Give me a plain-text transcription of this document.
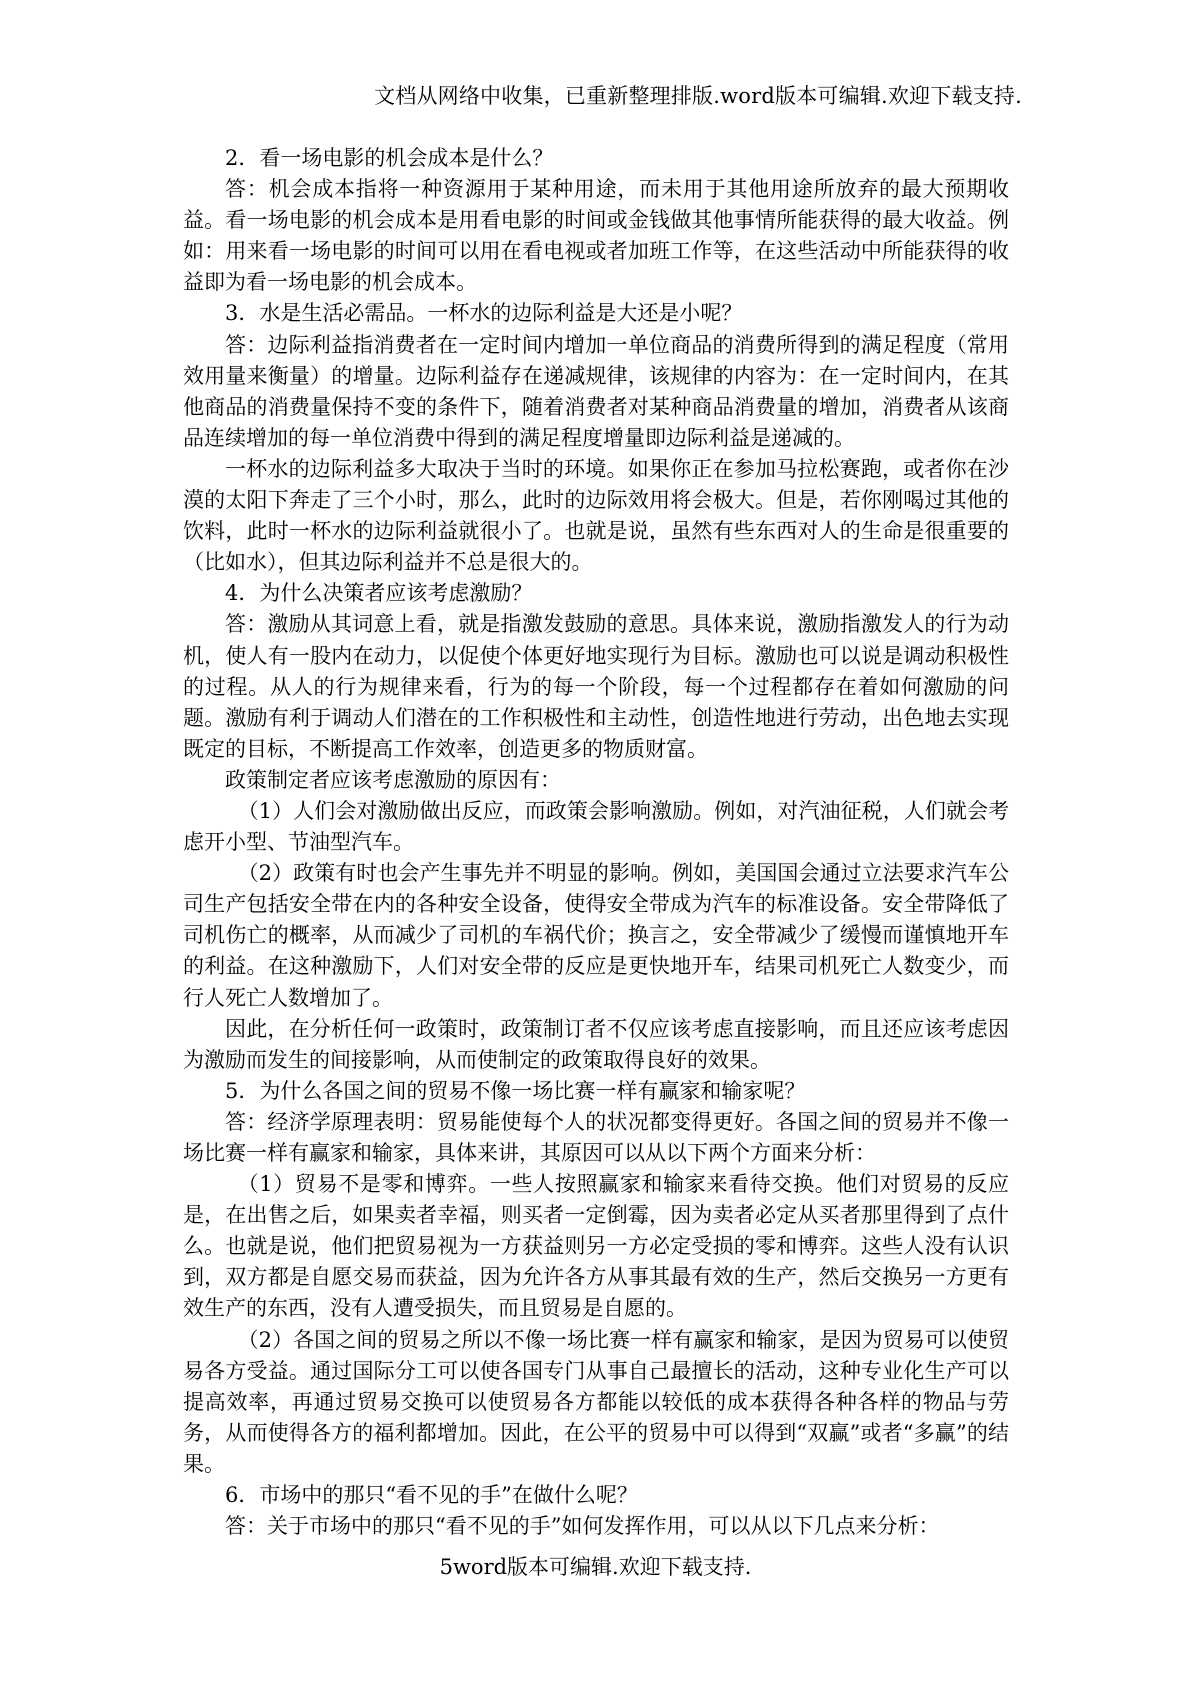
文档从网络中收集，已重新整理排版.word版本可编辑.欢迎下载支持.

2．看一场电影的机会成本是什么？

答：机会成本指将一种资源用于某种用途，而未用于其他用途所放弃的最大预期收益。看一场电影的机会成本是用看电影的时间或金钱做其他事情所能获得的最大收益。例如：用来看一场电影的时间可以用在看电视或者加班工作等，在这些活动中所能获得的收益即为看一场电影的机会成本。

3．水是生活必需品。一杯水的边际利益是大还是小呢？

答：边际利益指消费者在一定时间内增加一单位商品的消费所得到的满足程度（常用效用量来衡量）的增量。边际利益存在递减规律，该规律的内容为：在一定时间内，在其他商品的消费量保持不变的条件下，随着消费者对某种商品消费量的增加，消费者从该商品连续增加的每一单位消费中得到的满足程度增量即边际利益是递减的。

一杯水的边际利益多大取决于当时的环境。如果你正在参加马拉松赛跑，或者你在沙漠的太阳下奔走了三个小时，那么，此时的边际效用将会极大。但是，若你刚喝过其他的饮料，此时一杯水的边际利益就很小了。也就是说，虽然有些东西对人的生命是很重要的（比如水），但其边际利益并不总是很大的。

4．为什么决策者应该考虑激励？

答：激励从其词意上看，就是指激发鼓励的意思。具体来说，激励指激发人的行为动机，使人有一股内在动力，以促使个体更好地实现行为目标。激励也可以说是调动积极性的过程。从人的行为规律来看，行为的每一个阶段，每一个过程都存在着如何激励的问题。激励有利于调动人们潜在的工作积极性和主动性，创造性地进行劳动，出色地去实现既定的目标，不断提高工作效率，创造更多的物质财富。

政策制定者应该考虑激励的原因有：

（1）人们会对激励做出反应，而政策会影响激励。例如，对汽油征税，人们就会考虑开小型、节油型汽车。

（2）政策有时也会产生事先并不明显的影响。例如，美国国会通过立法要求汽车公司生产包括安全带在内的各种安全设备，使得安全带成为汽车的标准设备。安全带降低了司机伤亡的概率，从而减少了司机的车祸代价；换言之，安全带减少了缓慢而谨慎地开车的利益。在这种激励下，人们对安全带的反应是更快地开车，结果司机死亡人数变少，而行人死亡人数增加了。

因此，在分析任何一政策时，政策制订者不仅应该考虑直接影响，而且还应该考虑因为激励而发生的间接影响，从而使制定的政策取得良好的效果。

5．为什么各国之间的贸易不像一场比赛一样有赢家和输家呢？

答：经济学原理表明：贸易能使每个人的状况都变得更好。各国之间的贸易并不像一场比赛一样有赢家和输家，具体来讲，其原因可以从以下两个方面来分析：

（1）贸易不是零和博弈。一些人按照赢家和输家来看待交换。他们对贸易的反应是，在出售之后，如果卖者幸福，则买者一定倒霉，因为卖者必定从买者那里得到了点什么。也就是说，他们把贸易视为一方获益则另一方必定受损的零和博弈。这些人没有认识到，双方都是自愿交易而获益，因为允许各方从事其最有效的生产，然后交换另一方更有效生产的东西，没有人遭受损失，而且贸易是自愿的。

（2）各国之间的贸易之所以不像一场比赛一样有赢家和输家，是因为贸易可以使贸易各方受益。通过国际分工可以使各国专门从事自己最擅长的活动，这种专业化生产可以提高效率，再通过贸易交换可以使贸易各方都能以较低的成本获得各种各样的物品与劳务，从而使得各方的福利都增加。因此，在公平的贸易中可以得到“双赢”或者“多赢”的结果。

6．市场中的那只“看不见的手”在做什么呢？

答：关于市场中的那只“看不见的手”如何发挥作用，可以从以下几点来分析：

5word版本可编辑.欢迎下载支持.
